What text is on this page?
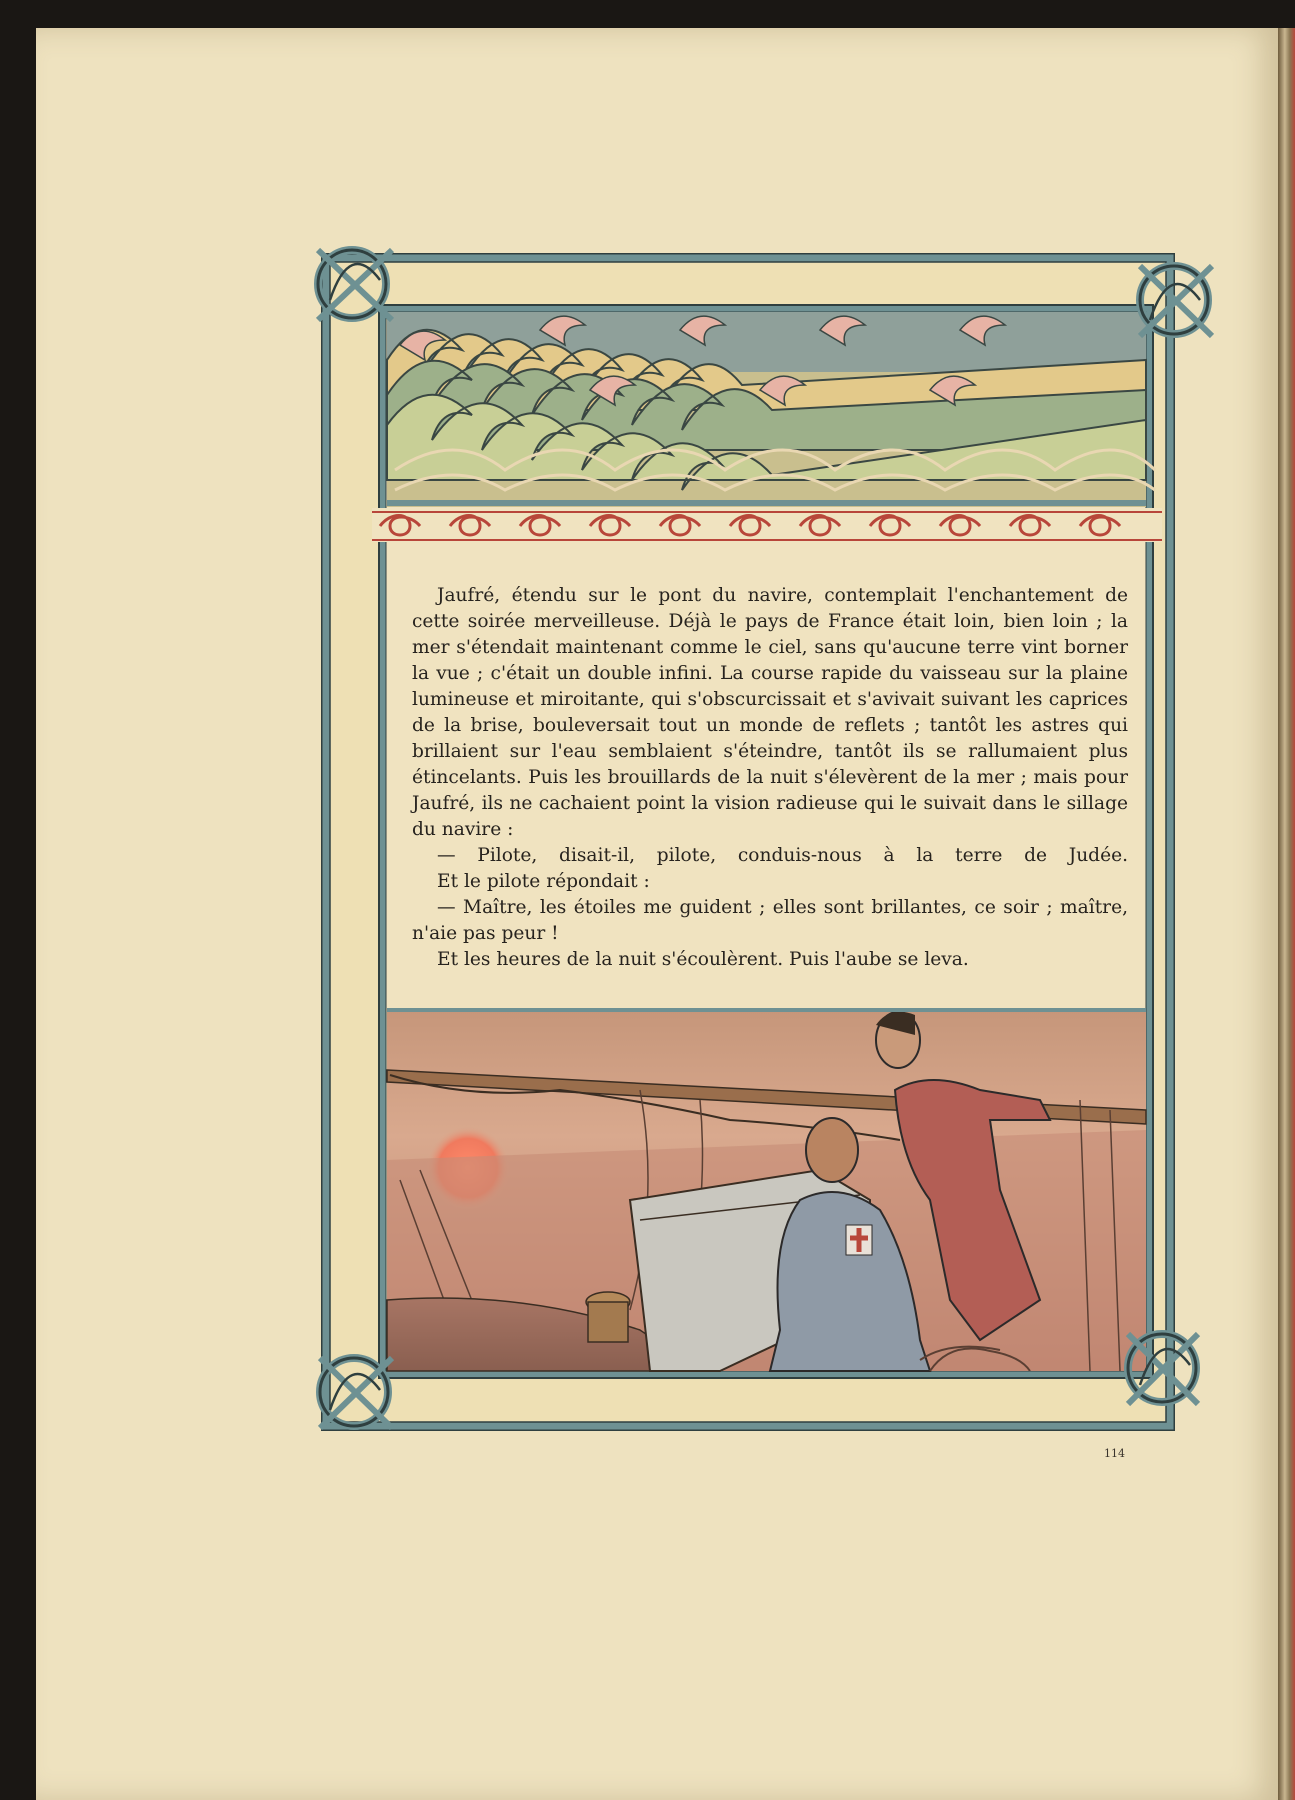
Jaufré, étendu sur le pont du navire, contemplait l'enchantement de cette soirée merveilleuse. Déjà le pays de France était loin, bien loin ; la mer s'étendait maintenant comme le ciel, sans qu'aucune terre vint borner la vue ; c'était un double infini. La course rapide du vaisseau sur la plaine lumineuse et miroitante, qui s'obscurcissait et s'avivait suivant les caprices de la brise, bouleversait tout un monde de reflets ; tantôt les astres qui brillaient sur l'eau semblaient s'éteindre, tantôt ils se rallumaient plus étincelants. Puis les brouillards de la nuit s'élevèrent de la mer ; mais pour Jaufré, ils ne cachaient point la vision radieuse qui le suivait dans le sillage du navire :

— Pilote, disait-il, pilote, conduis-nous à la terre de Judée.

Et le pilote répondait :

— Maître, les étoiles me guident ; elles sont brillantes, ce soir ; maître, n'aie pas peur !

Et les heures de la nuit s'écoulèrent. Puis l'aube se leva.

114
